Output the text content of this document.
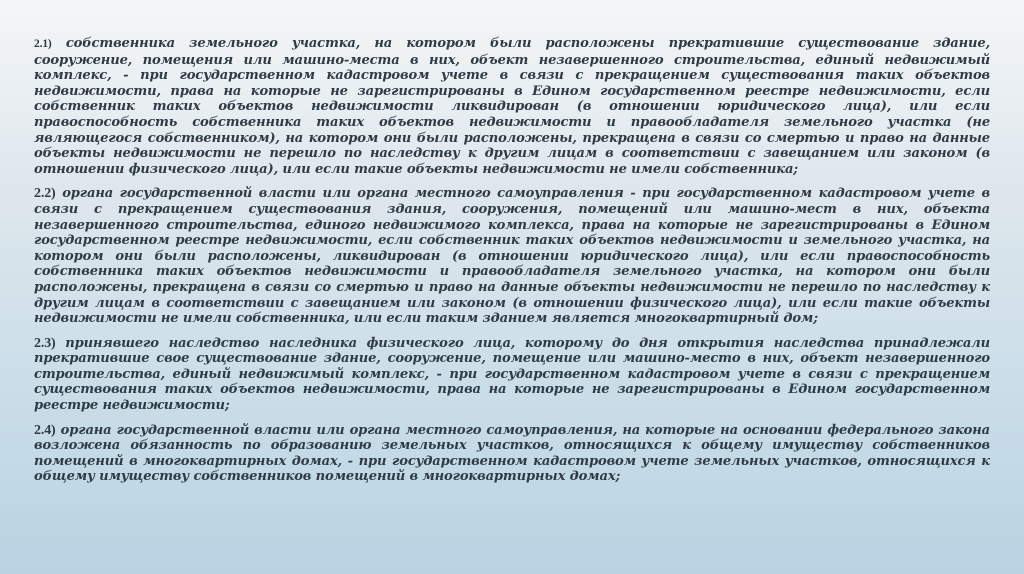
2.1) собственника земельного участка, на котором были расположены прекратившие существование здание, сооружение, помещения или машино-места в них, объект незавершенного строительства, единый недвижимый комплекс, - при государственном кадастровом учете в связи с прекращением существования таких объектов недвижимости, права на которые не зарегистрированы в Едином государственном реестре недвижимости, если собственник таких объектов недвижимости ликвидирован (в отношении юридического лица), или если правоспособность собственника таких объектов недвижимости и правообладателя земельного участка (не являющегося собственником), на котором они были расположены, прекращена в связи со смертью и право на данные объекты недвижимости не перешло по наследству к другим лицам в соответствии с завещанием или законом (в отношении физического лица), или если такие объекты недвижимости не имели собственника;

2.2) органа государственной власти или органа местного самоуправления - при государственном кадастровом учете в связи с прекращением существования здания, сооружения, помещений или машино-мест в них, объекта незавершенного строительства, единого недвижимого комплекса, права на которые не зарегистрированы в Едином государственном реестре недвижимости, если собственник таких объектов недвижимости и земельного участка, на котором они были расположены, ликвидирован (в отношении юридического лица), или если правоспособность собственника таких объектов недвижимости и правообладателя земельного участка, на котором они были расположены, прекращена в связи со смертью и право на данные объекты недвижимости не перешло по наследству к другим лицам в соответствии с завещанием или законом (в отношении физического лица), или если такие объекты недвижимости не имели собственника, или если таким зданием является многоквартирный дом;

2.3) принявшего наследство наследника физического лица, которому до дня открытия наследства принадлежали прекратившие свое существование здание, сооружение, помещение или машино-место в них, объект незавершенного строительства, единый недвижимый комплекс, - при государственном кадастровом учете в связи с прекращением существования таких объектов недвижимости, права на которые не зарегистрированы в Едином государственном реестре недвижимости;

2.4) органа государственной власти или органа местного самоуправления, на которые на основании федерального закона возложена обязанность по образованию земельных участков, относящихся к общему имуществу собственников помещений в многоквартирных домах, - при государственном кадастровом учете земельных участков, относящихся к общему имуществу собственников помещений в многоквартирных домах;
